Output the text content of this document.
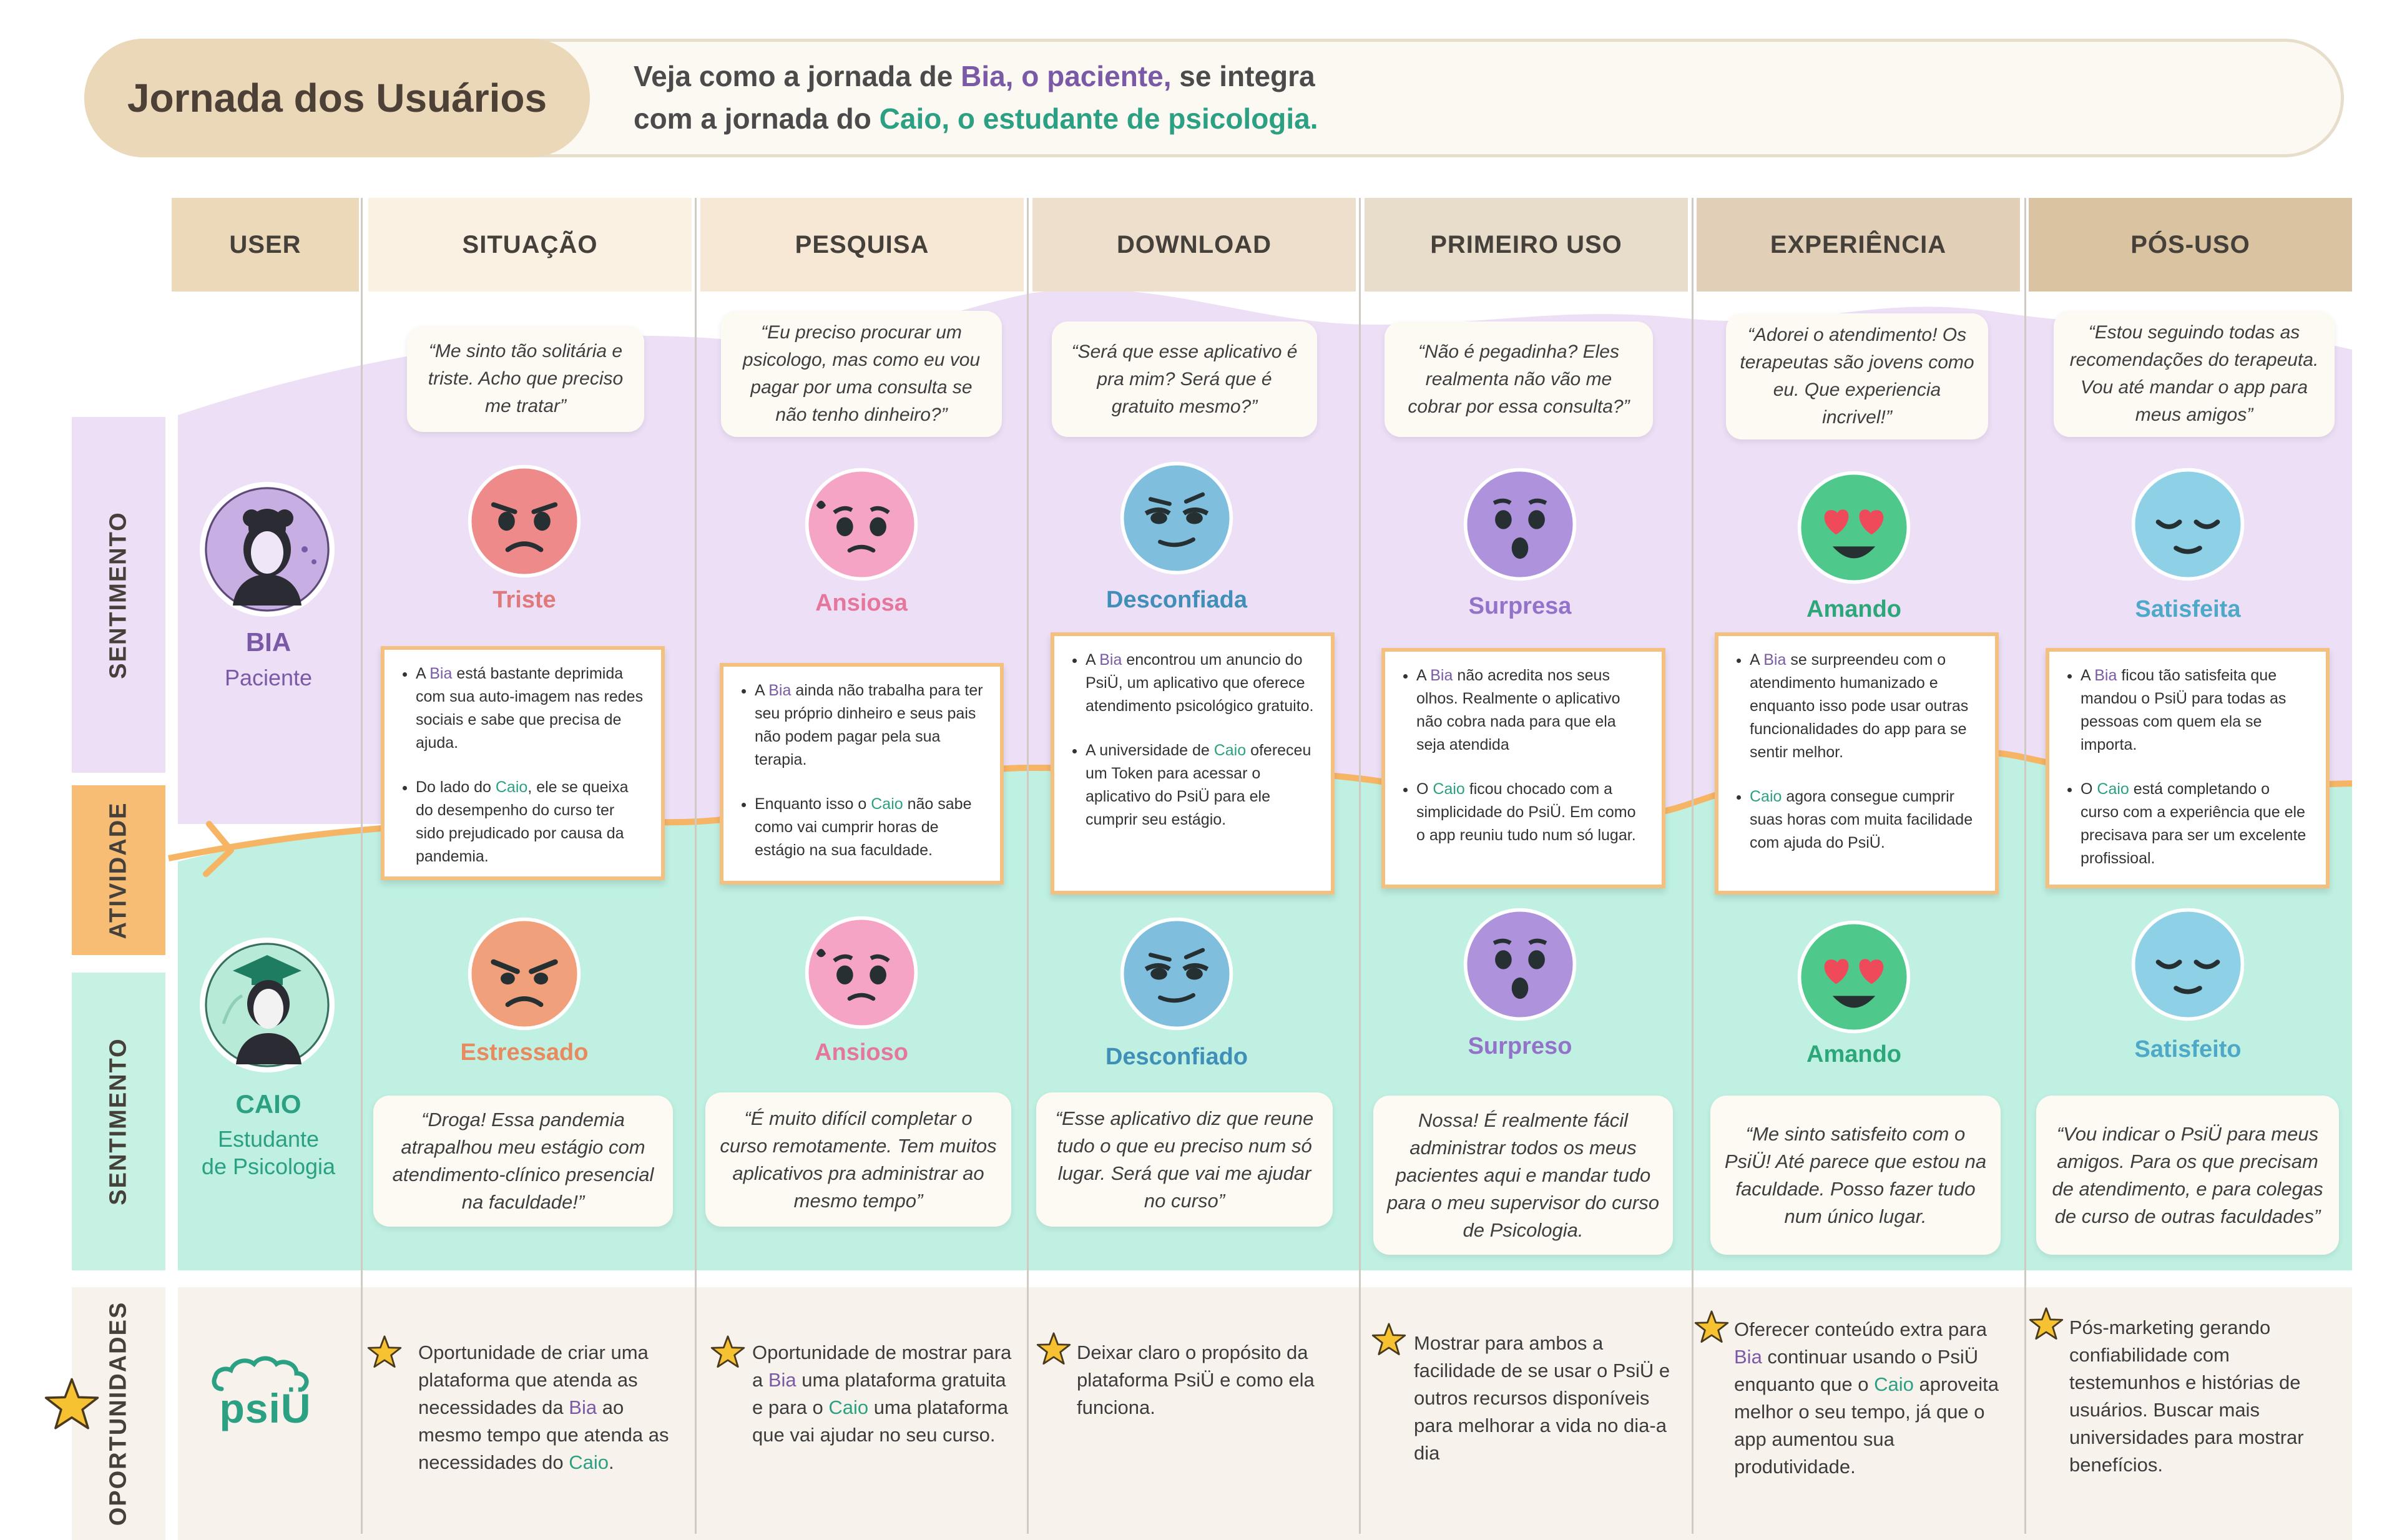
Jornada dos Usuários	Veja como a jornada de Bia, o paciente, se integra
com a jornada do Caio, o estudante de psicologia.
USER	SITUAÇÃO	PESQUISA	DOWNLOAD	PRIMEIRO USO	EXPERIÊNCIA	PÓS-USO
SENTIMENTO
ATIVIDADE
SENTIMENTO
OPORTUNIDADES
BIA
Paciente
CAIO
Estudante
de Psicologia
“Me sinto tão solitária e triste. Acho que preciso me tratar”
“Eu preciso procurar um psicologo, mas como eu vou pagar por uma consulta se não tenho dinheiro?”
“Será que esse aplicativo é pra mim? Será que é gratuito mesmo?”
“Não é pegadinha? Eles realmenta não vão me cobrar por essa consulta?”
“Adorei o atendimento! Os terapeutas são jovens como eu. Que experiencia incrivel!”
“Estou seguindo todas as recomendações do terapeuta. Vou até mandar o app para meus amigos”
Triste	Ansiosa	Desconfiada	Surpresa	Amando	Satisfeita
• A Bia está bastante deprimida com sua auto-imagem nas redes sociais e sabe que precisa de ajuda.
• Do lado do Caio, ele se queixa do desempenho do curso ter sido prejudicado por causa da pandemia.
• A Bia ainda não trabalha para ter seu próprio dinheiro e seus pais não podem pagar pela sua terapia.
• Enquanto isso o Caio não sabe como vai cumprir horas de estágio na sua faculdade.
• A Bia encontrou um anuncio do PsiÜ, um aplicativo que oferece atendimento psicológico gratuito.
• A universidade de Caio ofereceu um Token para acessar o aplicativo do PsiÜ para ele cumprir seu estágio.
• A Bia não acredita nos seus olhos. Realmente o aplicativo não cobra nada para que ela seja atendida
• O Caio ficou chocado com a simplicidade do PsiÜ. Em como o app reuniu tudo num só lugar.
• A Bia se surpreendeu com o atendimento humanizado e enquanto isso pode usar outras funcionalidades do app para se sentir melhor.
• Caio agora consegue cumprir suas horas com muita facilidade com ajuda do PsiÜ.
• A Bia ficou tão satisfeita que mandou o PsiÜ para todas as pessoas com quem ela se importa.
• O Caio está completando o curso com a experiência que ele precisava para ser um excelente profissioal.
Estressado	Ansioso	Desconfiado	Surpreso	Amando	Satisfeito
“Droga! Essa pandemia atrapalhou meu estágio com atendimento-clínico presencial na faculdade!”
“É muito difícil completar o curso remotamente. Tem muitos aplicativos pra administrar ao mesmo tempo”
“Esse aplicativo diz que reune tudo o que eu preciso num só lugar. Será que vai me ajudar no curso”
Nossa! É realmente fácil administrar todos os meus pacientes aqui e mandar tudo para o meu supervisor do curso de Psicologia.
“Me sinto satisfeito com o PsiÜ! Até parece que estou na faculdade. Posso fazer tudo num único lugar.
“Vou indicar o PsiÜ para meus amigos. Para os que precisam de atendimento, e para colegas de curso de outras faculdades”
psiÜ
Oportunidade de criar uma plataforma que atenda as necessidades da Bia ao mesmo tempo que atenda as necessidades do Caio.
Oportunidade de mostrar para a Bia uma plataforma gratuita e para o Caio uma plataforma que vai ajudar no seu curso.
Deixar claro o propósito da plataforma PsiÜ e como ela funciona.
Mostrar para ambos a facilidade de se usar o PsiÜ e outros recursos disponíveis para melhorar a vida no dia-a dia
Oferecer conteúdo extra para Bia continuar usando o PsiÜ enquanto que o Caio aproveita melhor o seu tempo, já que o app aumentou sua produtividade.
Pós-marketing gerando confiabilidade com testemunhos e histórias de usuários. Buscar mais universidades para mostrar benefícios.
